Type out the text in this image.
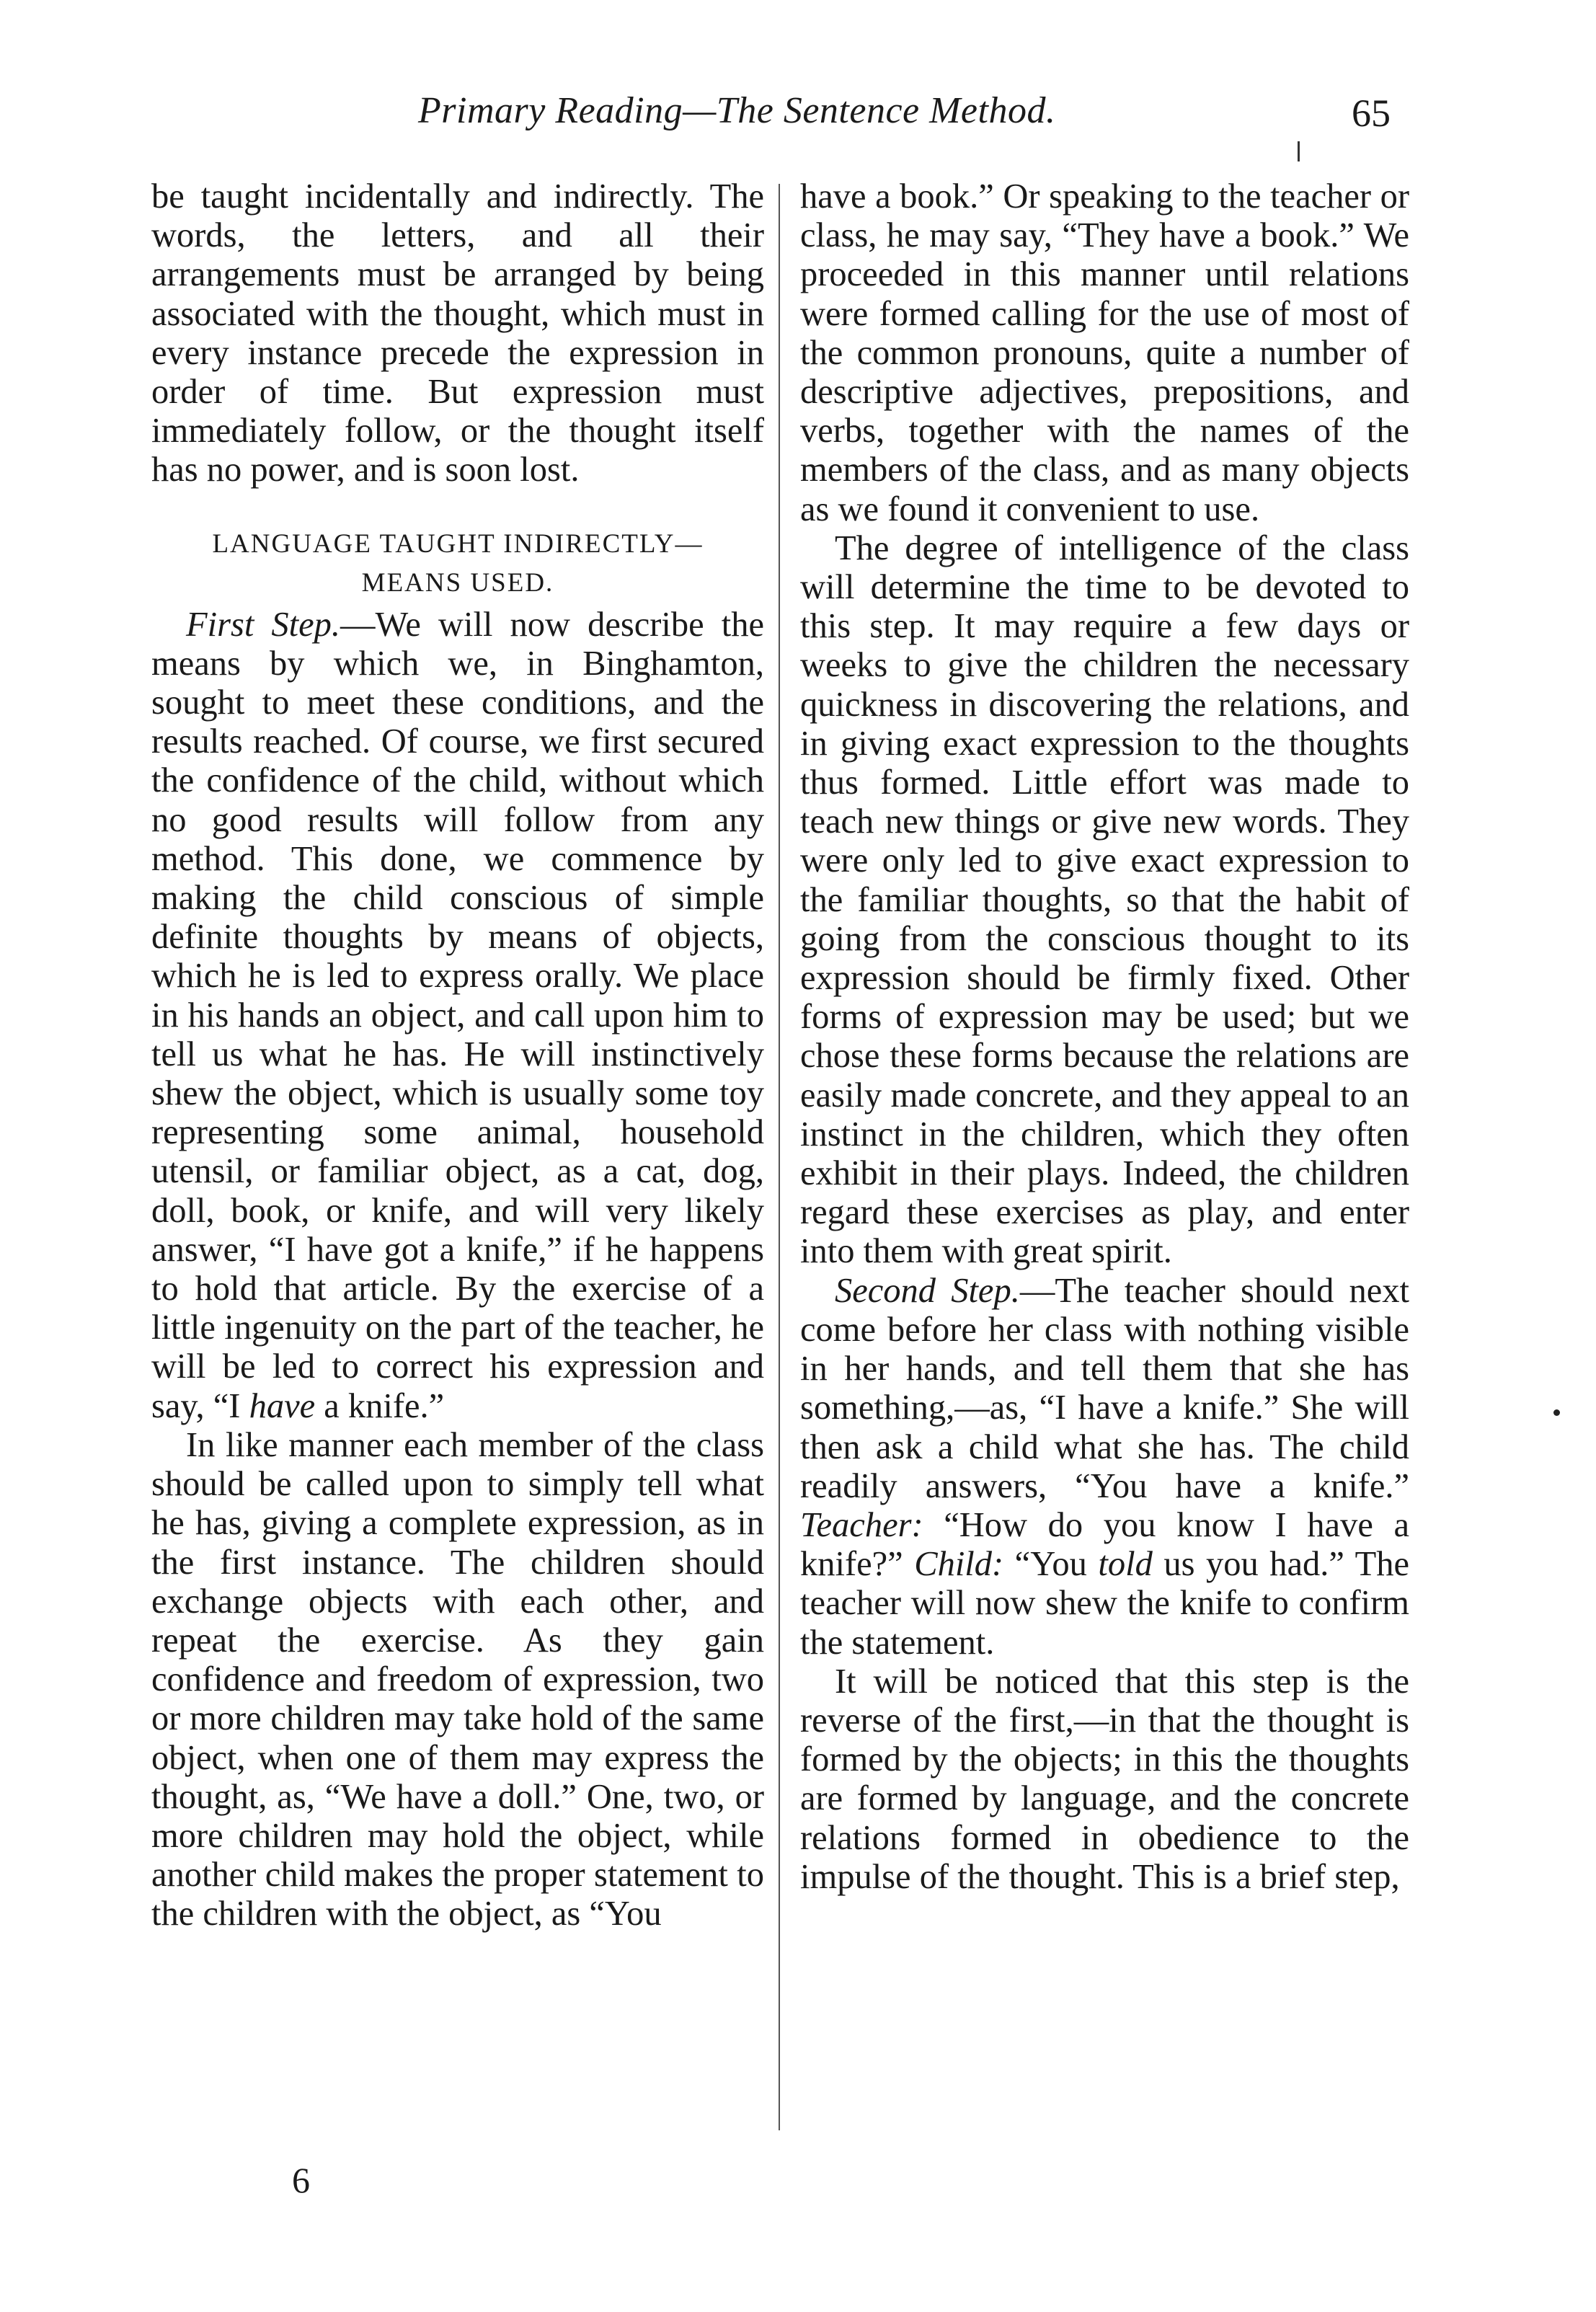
Primary Reading—The Sentence Method.	65

be taught incidentally and indirectly. The words, the letters, and all their arrangements must be arranged by being associated with the thought, which must in every instance precede the expression in order of time. But expression must immediately follow, or the thought itself has no power, and is soon lost.

LANGUAGE TAUGHT INDIRECTLY—
MEANS USED.

First Step.—We will now describe the means by which we, in Binghamton, sought to meet these conditions, and the results reached. Of course, we first secured the confidence of the child, without which no good results will follow from any method. This done, we commence by making the child conscious of simple definite thoughts by means of objects, which he is led to express orally. We place in his hands an object, and call upon him to tell us what he has. He will instinctively shew the object, which is usually some toy representing some animal, household utensil, or familiar object, as a cat, dog, doll, book, or knife, and will very likely answer, “I have got a knife,” if he happens to hold that article. By the exercise of a little ingenuity on the part of the teacher, he will be led to correct his expression and say, “I have a knife.”

In like manner each member of the class should be called upon to simply tell what he has, giving a complete expression, as in the first instance. The children should exchange objects with each other, and repeat the exercise. As they gain confidence and freedom of expression, two or more children may take hold of the same object, when one of them may express the thought, as, “We have a doll.” One, two, or more children may hold the object, while another child makes the proper statement to the children with the object, as “You

have a book.” Or speaking to the teacher or class, he may say, “They have a book.” We proceeded in this manner until relations were formed calling for the use of most of the common pronouns, quite a number of descriptive adjectives, prepositions, and verbs, together with the names of the members of the class, and as many objects as we found it convenient to use.

The degree of intelligence of the class will determine the time to be devoted to this step. It may require a few days or weeks to give the children the necessary quickness in discovering the relations, and in giving exact expression to the thoughts thus formed. Little effort was made to teach new things or give new words. They were only led to give exact expression to the familiar thoughts, so that the habit of going from the conscious thought to its expression should be firmly fixed. Other forms of expression may be used; but we chose these forms because the relations are easily made concrete, and they appeal to an instinct in the children, which they often exhibit in their plays. Indeed, the children regard these exercises as play, and enter into them with great spirit.

Second Step.—The teacher should next come before her class with nothing visible in her hands, and tell them that she has something,—as, “I have a knife.” She will then ask a child what she has. The child readily answers, “You have a knife.” Teacher: “How do you know I have a knife?” Child: “You told us you had.” The teacher will now shew the knife to confirm the statement.

It will be noticed that this step is the reverse of the first,—in that the thought is formed by the objects; in this the thoughts are formed by language, and the concrete relations formed in obedience to the impulse of the thought. This is a brief step,

6
